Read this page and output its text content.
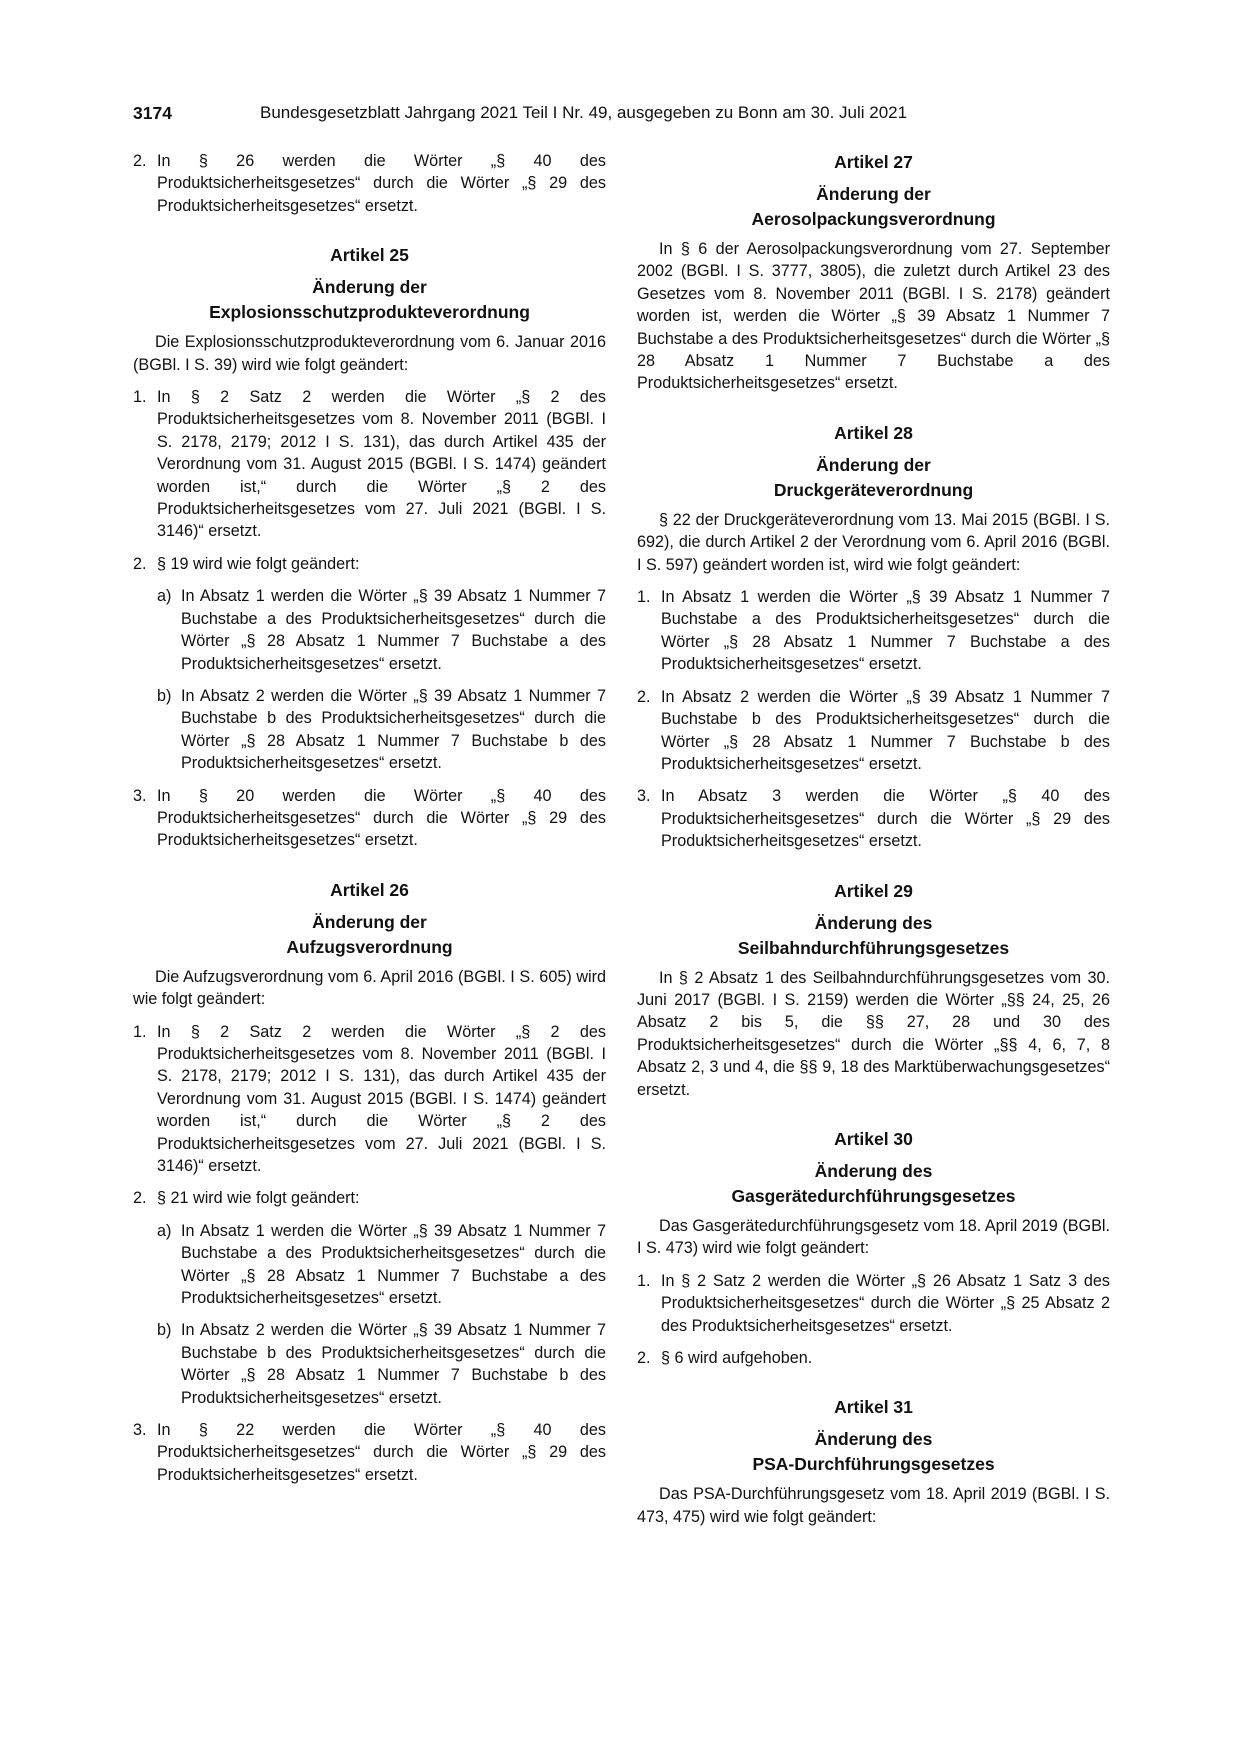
3174	Bundesgesetzblatt Jahrgang 2021 Teil I Nr. 49, ausgegeben zu Bonn am 30. Juli 2021
2. In § 26 werden die Wörter „§ 40 des Produktsicherheitsgesetzes“ durch die Wörter „§ 29 des Produktsicherheitsgesetzes“ ersetzt.
Artikel 25
Änderung der
Explosionsschutzprodukteverordnung

Die Explosionsschutzprodukteverordnung vom 6. Januar 2016 (BGBl. I S. 39) wird wie folgt geändert:

1. In § 2 Satz 2 werden die Wörter „§ 2 des Produktsicherheitsgesetzes vom 8. November 2011 (BGBl. I S. 2178, 2179; 2012 I S. 131), das durch Artikel 435 der Verordnung vom 31. August 2015 (BGBl. I S. 1474) geändert worden ist,“ durch die Wörter „§ 2 des Produktsicherheitsgesetzes vom 27. Juli 2021 (BGBl. I S. 3146)“ ersetzt.
2. § 19 wird wie folgt geändert:
a) In Absatz 1 werden die Wörter „§ 39 Absatz 1 Nummer 7 Buchstabe a des Produktsicherheitsgesetzes“ durch die Wörter „§ 28 Absatz 1 Nummer 7 Buchstabe a des Produktsicherheitsgesetzes“ ersetzt.
b) In Absatz 2 werden die Wörter „§ 39 Absatz 1 Nummer 7 Buchstabe b des Produktsicherheitsgesetzes“ durch die Wörter „§ 28 Absatz 1 Nummer 7 Buchstabe b des Produktsicherheitsgesetzes“ ersetzt.
3. In § 20 werden die Wörter „§ 40 des Produktsicherheitsgesetzes“ durch die Wörter „§ 29 des Produktsicherheitsgesetzes“ ersetzt.
Artikel 26
Änderung der
Aufzugsverordnung

Die Aufzugsverordnung vom 6. April 2016 (BGBl. I S. 605) wird wie folgt geändert:

1. In § 2 Satz 2 werden die Wörter „§ 2 des Produktsicherheitsgesetzes vom 8. November 2011 (BGBl. I S. 2178, 2179; 2012 I S. 131), das durch Artikel 435 der Verordnung vom 31. August 2015 (BGBl. I S. 1474) geändert worden ist,“ durch die Wörter „§ 2 des Produktsicherheitsgesetzes vom 27. Juli 2021 (BGBl. I S. 3146)“ ersetzt.
2. § 21 wird wie folgt geändert:
a) In Absatz 1 werden die Wörter „§ 39 Absatz 1 Nummer 7 Buchstabe a des Produktsicherheitsgesetzes“ durch die Wörter „§ 28 Absatz 1 Nummer 7 Buchstabe a des Produktsicherheitsgesetzes“ ersetzt.
b) In Absatz 2 werden die Wörter „§ 39 Absatz 1 Nummer 7 Buchstabe b des Produktsicherheitsgesetzes“ durch die Wörter „§ 28 Absatz 1 Nummer 7 Buchstabe b des Produktsicherheitsgesetzes“ ersetzt.
3. In § 22 werden die Wörter „§ 40 des Produktsicherheitsgesetzes“ durch die Wörter „§ 29 des Produktsicherheitsgesetzes“ ersetzt.
Artikel 27
Änderung der
Aerosolpackungsverordnung

In § 6 der Aerosolpackungsverordnung vom 27. September 2002 (BGBl. I S. 3777, 3805), die zuletzt durch Artikel 23 des Gesetzes vom 8. November 2011 (BGBl. I S. 2178) geändert worden ist, werden die Wörter „§ 39 Absatz 1 Nummer 7 Buchstabe a des Produktsicherheitsgesetzes“ durch die Wörter „§ 28 Absatz 1 Nummer 7 Buchstabe a des Produktsicherheitsgesetzes“ ersetzt.

Artikel 28
Änderung der
Druckgeräteverordnung

§ 22 der Druckgeräteverordnung vom 13. Mai 2015 (BGBl. I S. 692), die durch Artikel 2 der Verordnung vom 6. April 2016 (BGBl. I S. 597) geändert worden ist, wird wie folgt geändert:

1. In Absatz 1 werden die Wörter „§ 39 Absatz 1 Nummer 7 Buchstabe a des Produktsicherheitsgesetzes“ durch die Wörter „§ 28 Absatz 1 Nummer 7 Buchstabe a des Produktsicherheitsgesetzes“ ersetzt.
2. In Absatz 2 werden die Wörter „§ 39 Absatz 1 Nummer 7 Buchstabe b des Produktsicherheitsgesetzes“ durch die Wörter „§ 28 Absatz 1 Nummer 7 Buchstabe b des Produktsicherheitsgesetzes“ ersetzt.
3. In Absatz 3 werden die Wörter „§ 40 des Produktsicherheitsgesetzes“ durch die Wörter „§ 29 des Produktsicherheitsgesetzes“ ersetzt.
Artikel 29
Änderung des
Seilbahndurchführungsgesetzes

In § 2 Absatz 1 des Seilbahndurchführungsgesetzes vom 30. Juni 2017 (BGBl. I S. 2159) werden die Wörter „§§ 24, 25, 26 Absatz 2 bis 5, die §§ 27, 28 und 30 des Produktsicherheitsgesetzes“ durch die Wörter „§§ 4, 6, 7, 8 Absatz 2, 3 und 4, die §§ 9, 18 des Marktüberwachungsgesetzes“ ersetzt.

Artikel 30
Änderung des
Gasgerätedurchführungsgesetzes

Das Gasgerätedurchführungsgesetz vom 18. April 2019 (BGBl. I S. 473) wird wie folgt geändert:

1. In § 2 Satz 2 werden die Wörter „§ 26 Absatz 1 Satz 3 des Produktsicherheitsgesetzes“ durch die Wörter „§ 25 Absatz 2 des Produktsicherheitsgesetzes“ ersetzt.
2. § 6 wird aufgehoben.
Artikel 31
Änderung des
PSA-Durchführungsgesetzes

Das PSA-Durchführungsgesetz vom 18. April 2019 (BGBl. I S. 473, 475) wird wie folgt geändert:
